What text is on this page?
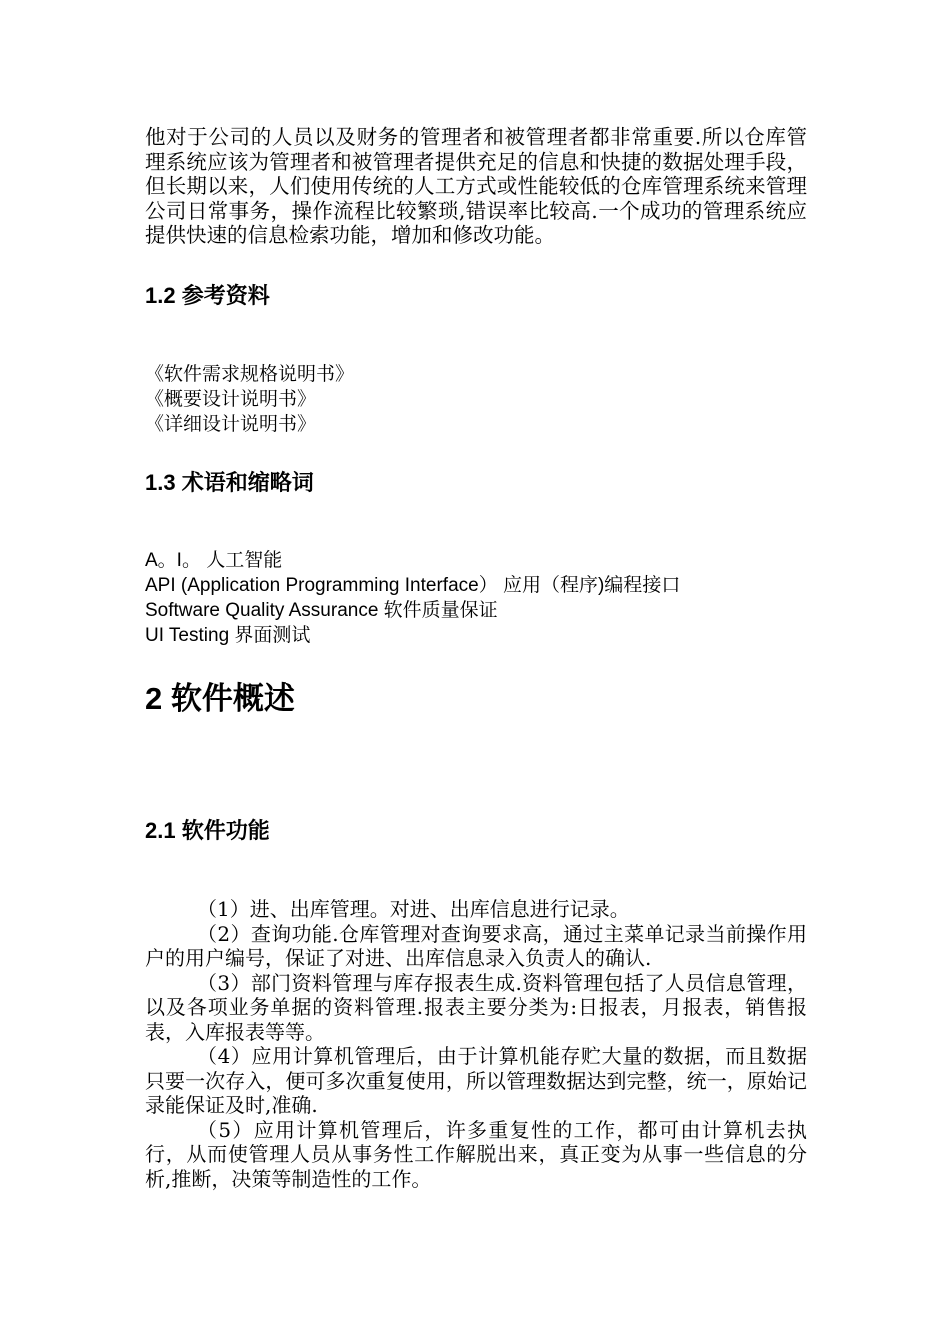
他对于公司的人员以及财务的管理者和被管理者都非常重要.所以仓库管理系统应该为管理者和被管理者提供充足的信息和快捷的数据处理手段，但长期以来，人们使用传统的人工方式或性能较低的仓库管理系统来管理公司日常事务，操作流程比较繁琐,错误率比较高.一个成功的管理系统应提供快速的信息检索功能，增加和修改功能。

1.2 参考资料
《软件需求规格说明书》
《概要设计说明书》
《详细设计说明书》
1.3 术语和缩略词
A。I。 人工智能
API (Application Programming Interface） 应用（程序)编程接口
Software Quality Assurance 软件质量保证
UI Testing 界面测试
2 软件概述
2.1 软件功能

（1）进、出库管理。对进、出库信息进行记录。

（2）查询功能.仓库管理对查询要求高，通过主菜单记录当前操作用户的用户编号，保证了对进、出库信息录入负责人的确认.

（3）部门资料管理与库存报表生成.资料管理包括了人员信息管理，以及各项业务单据的资料管理.报表主要分类为:日报表，月报表，销售报表，入库报表等等。

（4）应用计算机管理后，由于计算机能存贮大量的数据，而且数据只要一次存入，便可多次重复使用，所以管理数据达到完整，统一，原始记录能保证及时,准确.

（5）应用计算机管理后，许多重复性的工作，都可由计算机去执行，从而使管理人员从事务性工作解脱出来，真正变为从事一些信息的分析,推断，决策等制造性的工作。
